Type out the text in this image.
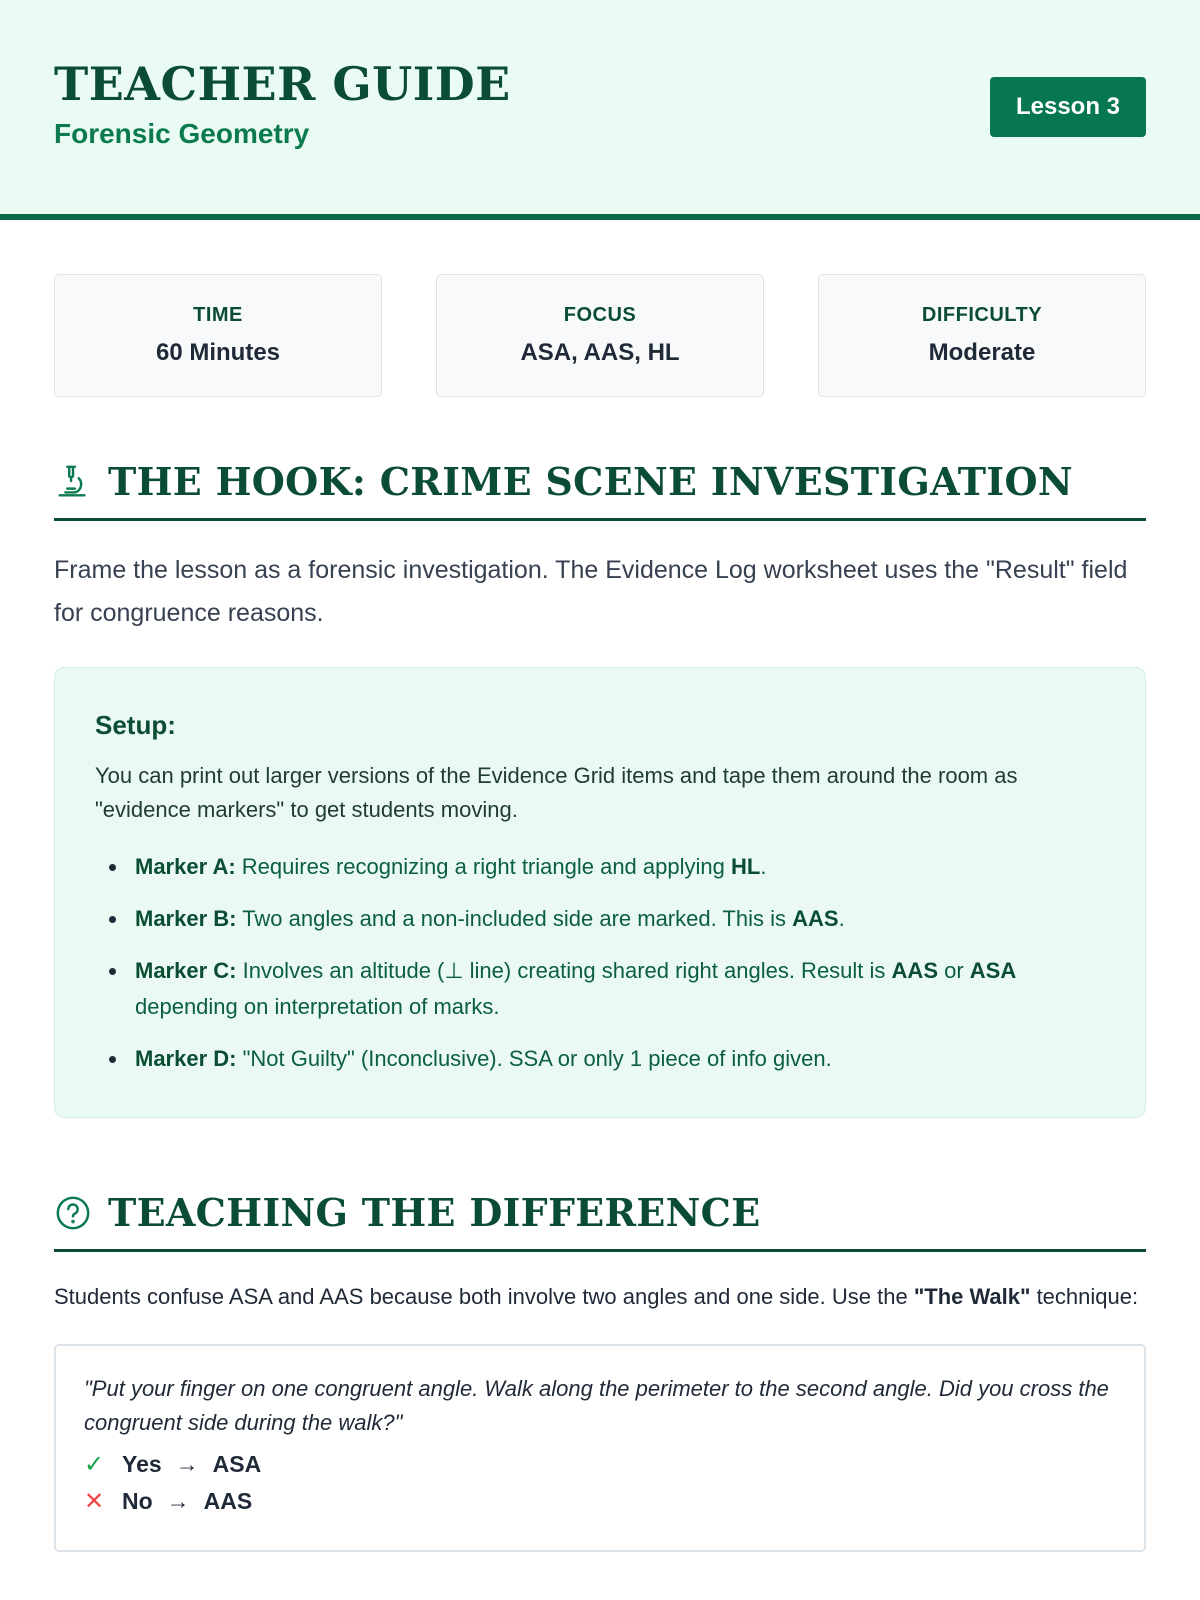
TEACHER GUIDE
Forensic Geometry
Lesson 3
TIME
60 Minutes
FOCUS
ASA, AAS, HL
DIFFICULTY
Moderate
THE HOOK: CRIME SCENE INVESTIGATION

Frame the lesson as a forensic investigation. The Evidence Log worksheet uses the "Result" field for congruence reasons.

Setup:

You can print out larger versions of the Evidence Grid items and tape them around the room as "evidence markers" to get students moving.

Marker A: Requires recognizing a right triangle and applying HL.
Marker B: Two angles and a non-included side are marked. This is AAS.
Marker C: Involves an altitude (⊥ line) creating shared right angles. Result is AAS or ASA depending on interpretation of marks.
Marker D: "Not Guilty" (Inconclusive). SSA or only 1 piece of info given.
TEACHING THE DIFFERENCE

Students confuse ASA and AAS because both involve two angles and one side. Use the "The Walk" technique:

"Put your finger on one congruent angle. Walk along the perimeter to the second angle. Did you cross the congruent side during the walk?"

✓ Yes → ASA
✕ No → AAS
